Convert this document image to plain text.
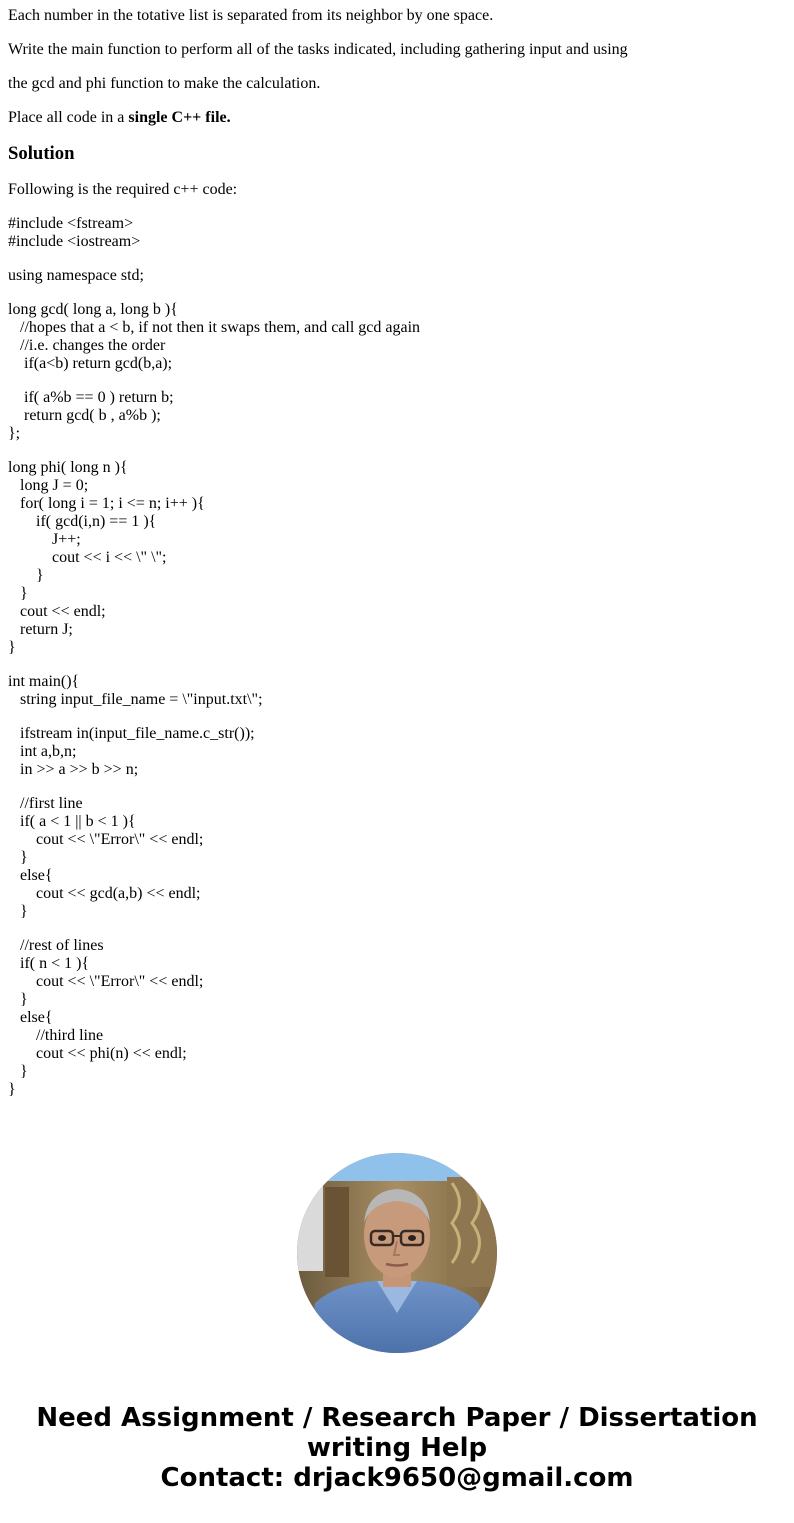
Each number in the totative list is separated from its neighbor by one space.

Write the main function to perform all of the tasks indicated, including gathering input and using

the gcd and phi function to make the calculation.

Place all code in a single C++ file.

Solution

Following is the required c++ code:

#include <fstream>
#include <iostream>
using namespace std;
long gcd( long a, long b ){
//hopes that a < b, if not then it swaps them, and call gcd again
//i.e. changes the order
if(a<b) return gcd(b,a);
if( a%b == 0 ) return b;
return gcd( b , a%b );
};
long phi( long n ){
long J = 0;
for( long i = 1; i <= n; i++ ){
if( gcd(i,n) == 1 ){
J++;
cout << i << \" \";
}
}
cout << endl;
return J;
}
int main(){
string input_file_name = \"input.txt\";
ifstream in(input_file_name.c_str());
int a,b,n;
in >> a >> b >> n;
//first line
if( a < 1 || b < 1 ){
cout << \"Error\" << endl;
}
else{
cout << gcd(a,b) << endl;
}
//rest of lines
if( n < 1 ){
cout << \"Error\" << endl;
}
else{
//third line
cout << phi(n) << endl;
}
}
Need Assignment / Research Paper / Dissertation
writing Help
Contact: drjack9650@gmail.com
